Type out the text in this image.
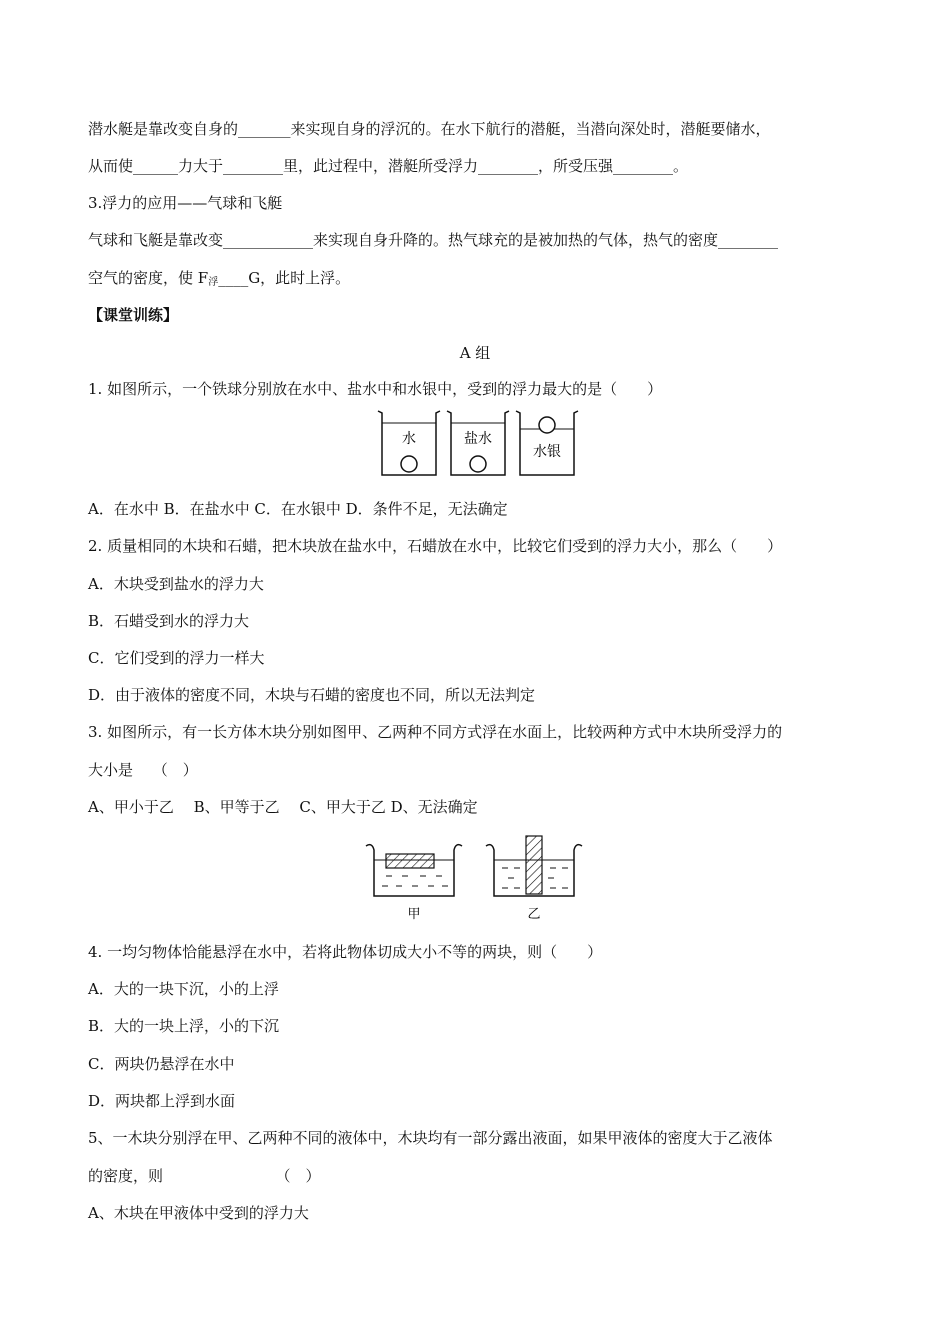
潜水艇是靠改变自身的_______来实现自身的浮沉的。在水下航行的潜艇，当潜向深处时，潜艇要储水，
从而使______力大于________里，此过程中，潜艇所受浮力________，所受压强________。
3.浮力的应用——气球和飞艇
气球和飞艇是靠改变____________来实现自身升降的。热气球充的是被加热的气体，热气的密度________
空气的密度，使 $F_浮\_\_\_\_G$，此时上浮。
【课堂训练】
A 组
1. 如图所示，一个铁球分别放在水中、盐水中和水银中，受到的浮力最大的是（　　）
水	盐水
水银
A．在水中 B．在盐水中 C．在水银中 D．条件不足，无法确定
2. 质量相同的木块和石蜡，把木块放在盐水中，石蜡放在水中，比较它们受到的浮力大小，那么（　　）
A．木块受到盐水的浮力大
B．石蜡受到水的浮力大
C．它们受到的浮力一样大
D．由于液体的密度不同，木块与石蜡的密度也不同，所以无法判定
3. 如图所示，有一长方体木块分别如图甲、乙两种不同方式浮在水面上，比较两种方式中木块所受浮力的
大小是　 （　）
A、甲小于乙　 B、甲等于乙　 C、甲大于乙 D、无法确定
甲	乙
4. 一均匀物体恰能悬浮在水中，若将此物体切成大小不等的两块，则（　　）
A．大的一块下沉，小的上浮
B．大的一块上浮，小的下沉
C．两块仍悬浮在水中
D．两块都上浮到水面
5、一木块分别浮在甲、乙两种不同的液体中，木块均有一部分露出液面，如果甲液体的密度大于乙液体
的密度，则　　　　　　　　（　）
A、木块在甲液体中受到的浮力大
